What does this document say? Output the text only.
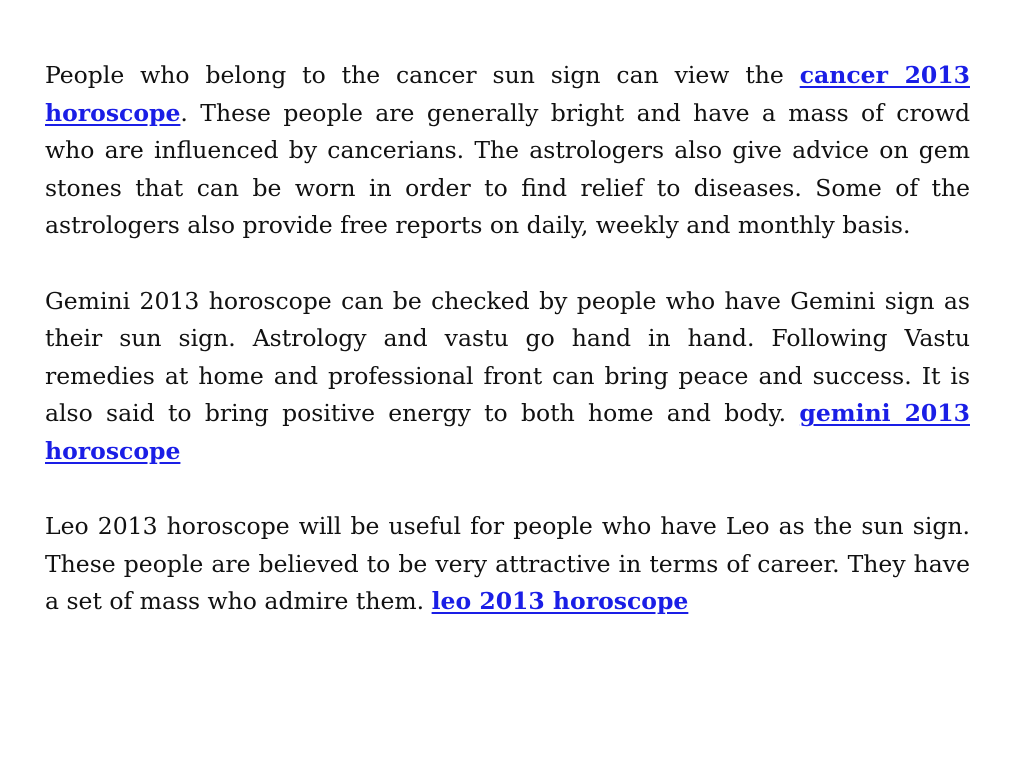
People who belong to the cancer sun sign can view the cancer 2013 horoscope. These people are generally bright and have a mass of crowd who are influenced by cancerians. The astrologers also give advice on gem stones that can be worn in order to find relief to diseases. Some of the astrologers also provide free reports on daily, weekly and monthly basis.

Gemini 2013 horoscope can be checked by people who have Gemini sign as their sun sign. Astrology and vastu go hand in hand. Following Vastu remedies at home and professional front can bring peace and success. It is also said to bring positive energy to both home and body. gemini 2013 horoscope

Leo 2013 horoscope will be useful for people who have Leo as the sun sign. These people are believed to be very attractive in terms of career. They have a set of mass who admire them. leo 2013 horoscope
